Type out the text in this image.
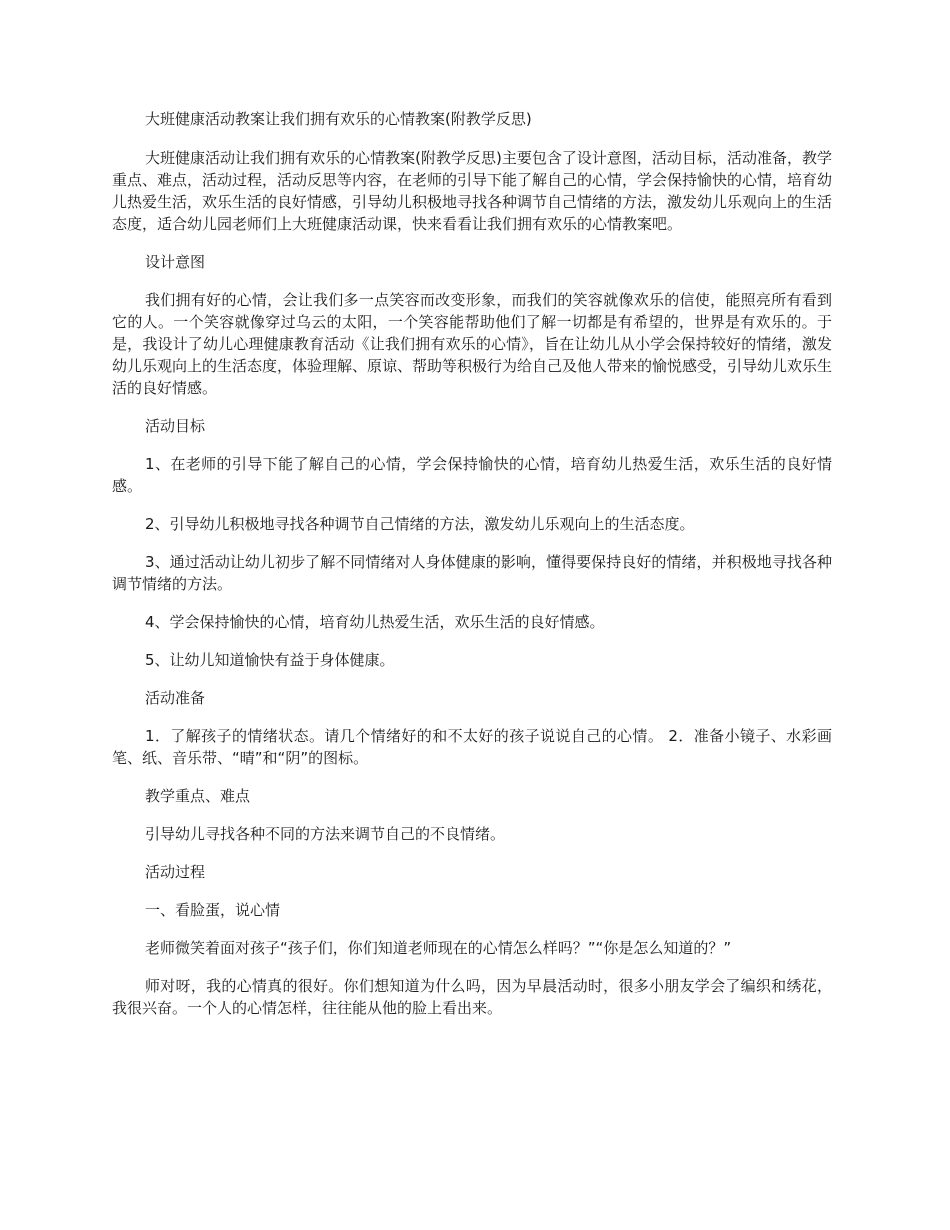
大班健康活动教案让我们拥有欢乐的心情教案(附教学反思)

大班健康活动让我们拥有欢乐的心情教案(附教学反思)主要包含了设计意图，活动目标，活动准备，教学重点、难点，活动过程，活动反思等内容，在老师的引导下能了解自己的心情，学会保持愉快的心情，培育幼儿热爱生活，欢乐生活的良好情感，引导幼儿积极地寻找各种调节自己情绪的方法，激发幼儿乐观向上的生活态度，适合幼儿园老师们上大班健康活动课，快来看看让我们拥有欢乐的心情教案吧。

设计意图

我们拥有好的心情，会让我们多一点笑容而改变形象，而我们的笑容就像欢乐的信使，能照亮所有看到它的人。一个笑容就像穿过乌云的太阳，一个笑容能帮助他们了解一切都是有希望的，世界是有欢乐的。于是，我设计了幼儿心理健康教育活动《让我们拥有欢乐的心情》，旨在让幼儿从小学会保持较好的情绪，激发幼儿乐观向上的生活态度，体验理解、原谅、帮助等积极行为给自己及他人带来的愉悦感受，引导幼儿欢乐生活的良好情感。

活动目标

1、在老师的引导下能了解自己的心情，学会保持愉快的心情，培育幼儿热爱生活，欢乐生活的良好情感。

2、引导幼儿积极地寻找各种调节自己情绪的方法，激发幼儿乐观向上的生活态度。

3、通过活动让幼儿初步了解不同情绪对人身体健康的影响，懂得要保持良好的情绪，并积极地寻找各种调节情绪的方法。

4、学会保持愉快的心情，培育幼儿热爱生活，欢乐生活的良好情感。

5、让幼儿知道愉快有益于身体健康。

活动准备

1．了解孩子的情绪状态。请几个情绪好的和不太好的孩子说说自己的心情。 2．准备小镜子、水彩画笔、纸、音乐带、“晴”和“阴”的图标。

教学重点、难点

引导幼儿寻找各种不同的方法来调节自己的不良情绪。

活动过程

一、看脸蛋，说心情

老师微笑着面对孩子“孩子们，你们知道老师现在的心情怎么样吗？”“你是怎么知道的？”

师对呀，我的心情真的很好。你们想知道为什么吗，因为早晨活动时，很多小朋友学会了编织和绣花，我很兴奋。一个人的心情怎样，往往能从他的脸上看出来。
